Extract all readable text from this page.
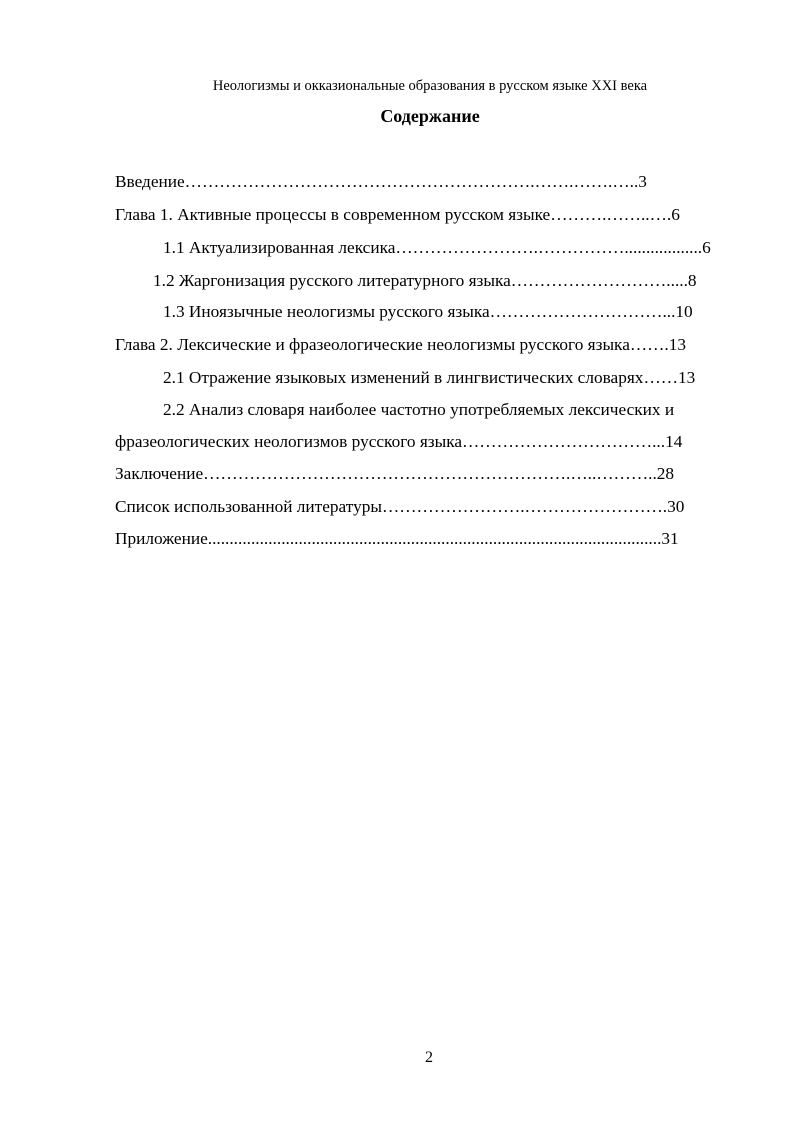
Неологизмы и окказиональные образования в русском языке XXI века
Содержание
Введение…………………………………………………….…….…….…..3
Глава 1. Активные процессы в современном русском языке……….……..….6
1.1 Актуализированная лексика…………………….……………..................6
1.2 Жаргонизация русского литературного языка……………………….....8
1.3 Иноязычные неологизмы русского языка…………………………...10
Глава 2. Лексические и фразеологические неологизмы русского языка…….13
2.1 Отражение языковых изменений в лингвистических словарях……13
2.2 Анализ словаря наиболее частотно употребляемых лексических и
фразеологических неологизмов русского языка……………………………...14
Заключение……………………………………………………….…..………..28
Список использованной литературы…………………….…………………….30
Приложение.........................................................................................................31
2
